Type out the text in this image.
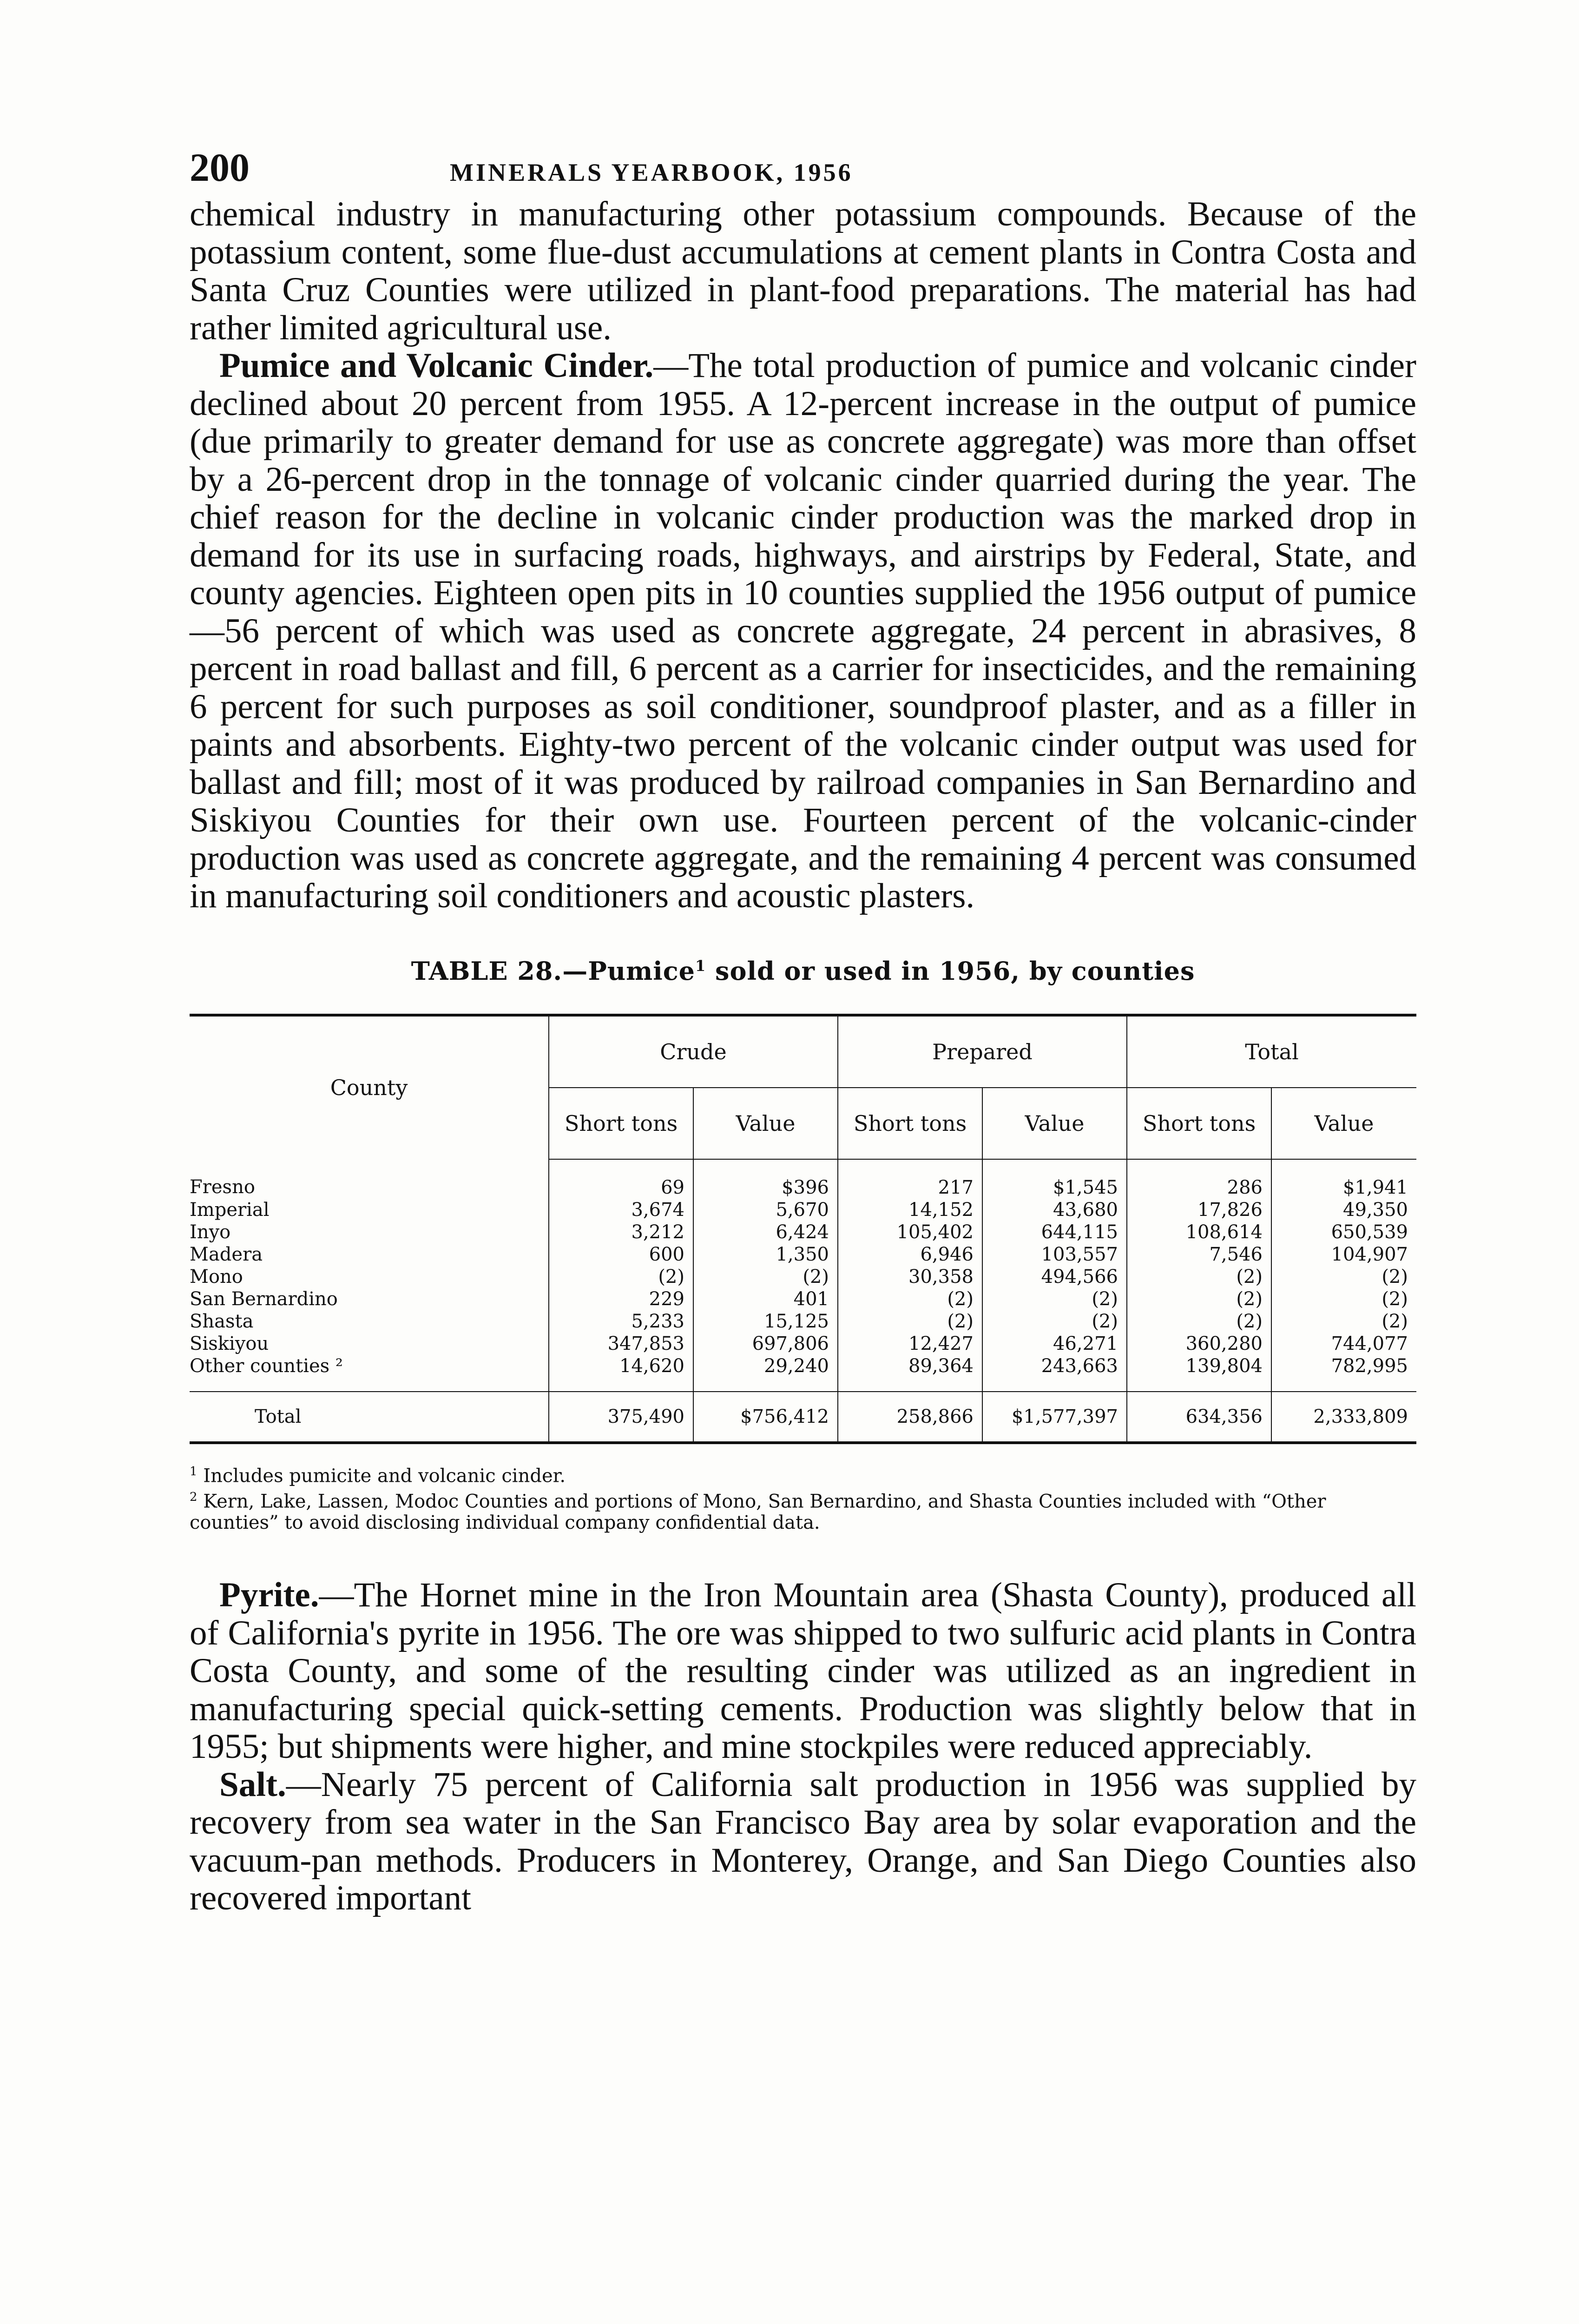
200	MINERALS YEARBOOK, 1956

chemical industry in manufacturing other potassium compounds. Because of the potassium content, some flue-dust accumulations at cement plants in Contra Costa and Santa Cruz Counties were utilized in plant-food preparations. The material has had rather limited agricultural use.

Pumice and Volcanic Cinder.—The total production of pumice and volcanic cinder declined about 20 percent from 1955. A 12-percent increase in the output of pumice (due primarily to greater demand for use as concrete aggregate) was more than offset by a 26-percent drop in the tonnage of volcanic cinder quarried during the year. The chief reason for the decline in volcanic cinder production was the marked drop in demand for its use in surfacing roads, highways, and airstrips by Federal, State, and county agencies. Eighteen open pits in 10 counties supplied the 1956 output of pumice—56 percent of which was used as concrete aggregate, 24 percent in abrasives, 8 percent in road ballast and fill, 6 percent as a carrier for insecticides, and the remaining 6 percent for such purposes as soil conditioner, soundproof plaster, and as a filler in paints and absorbents. Eighty-two percent of the volcanic cinder output was used for ballast and fill; most of it was produced by railroad companies in San Bernardino and Siskiyou Counties for their own use. Fourteen percent of the volcanic-cinder production was used as concrete aggregate, and the remaining 4 percent was consumed in manufacturing soil conditioners and acoustic plasters.

TABLE 28.—Pumice$^1$ sold or used in 1956, by counties
County	Crude		Prepared		Total	
	Short tons	Value	Short tons	Value	Short tons	Value
Fresno	69	$396	217	$1,545	286	$1,941
Imperial	3,674	5,670	14,152	43,680	17,826	49,350
Inyo	3,212	6,424	105,402	644,115	108,614	650,539
Madera	600	1,350	6,946	103,557	7,546	104,907
Mono	(2)	(2)	30,358	494,566	(2)	(2)
San Bernardino	229	401	(2)	(2)	(2)	(2)
Shasta	5,233	15,125	(2)	(2)	(2)	(2)
Siskiyou	347,853	697,806	12,427	46,271	360,280	744,077
Other counties ²	14,620	29,240	89,364	243,663	139,804	782,995
Total	375,490	$756,412	258,866	$1,577,397	634,356	2,333,809

$^1$ Includes pumicite and volcanic cinder.

$^2$ Kern, Lake, Lassen, Modoc Counties and portions of Mono, San Bernardino, and Shasta Counties included with “Other counties” to avoid disclosing individual company confidential data.

Pyrite.—The Hornet mine in the Iron Mountain area (Shasta County), produced all of California's pyrite in 1956. The ore was shipped to two sulfuric acid plants in Contra Costa County, and some of the resulting cinder was utilized as an ingredient in manufacturing special quick-setting cements. Production was slightly below that in 1955; but shipments were higher, and mine stockpiles were reduced appreciably.

Salt.—Nearly 75 percent of California salt production in 1956 was supplied by recovery from sea water in the San Francisco Bay area by solar evaporation and the vacuum-pan methods. Producers in Monterey, Orange, and San Diego Counties also recovered important
